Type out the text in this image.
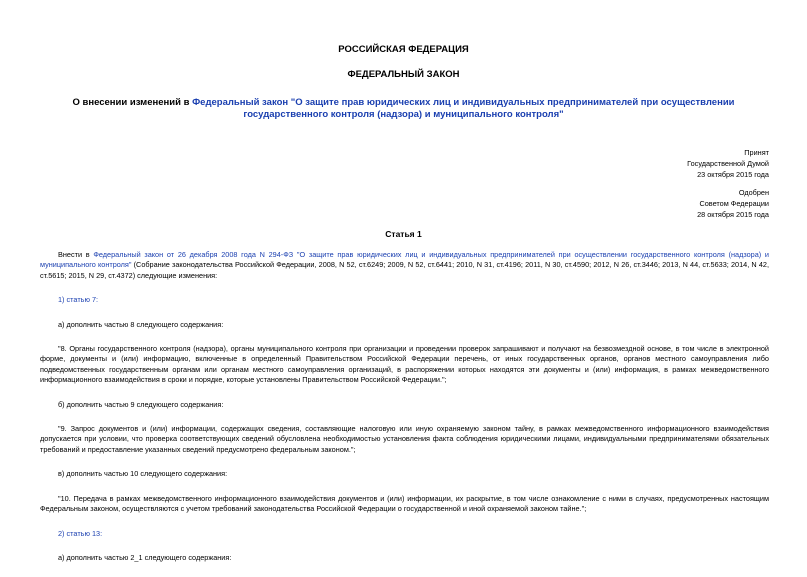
РОССИЙСКАЯ ФЕДЕРАЦИЯ
ФЕДЕРАЛЬНЫЙ ЗАКОН
О внесении изменений в Федеральный закон "О защите прав юридических лиц и индивидуальных предпринимателей при осуществлении государственного контроля (надзора) и муниципального контроля"
Принят
Государственной Думой
23 октября 2015 года
Одобрен
Советом Федерации
28 октября 2015 года
Статья 1

Внести в Федеральный закон от 26 декабря 2008 года N 294-ФЗ "О защите прав юридических лиц и индивидуальных предпринимателей при осуществлении государственного контроля (надзора) и муниципального контроля" (Собрание законодательства Российской Федерации, 2008, N 52, ст.6249; 2009, N 52, ст.6441; 2010, N 31, ст.4196; 2011, N 30, ст.4590; 2012, N 26, ст.3446; 2013, N 44, ст.5633; 2014, N 42, ст.5615; 2015, N 29, ст.4372) следующие изменения:

1) статью 7:

а) дополнить частью 8 следующего содержания:

"8. Органы государственного контроля (надзора), органы муниципального контроля при организации и проведении проверок запрашивают и получают на безвозмездной основе, в том числе в электронной форме, документы и (или) информацию, включенные в определенный Правительством Российской Федерации перечень, от иных государственных органов, органов местного самоуправления либо подведомственных государственным органам или органам местного самоуправления организаций, в распоряжении которых находятся эти документы и (или) информация, в рамках межведомственного информационного взаимодействия в сроки и порядке, которые установлены Правительством Российской Федерации.";

б) дополнить частью 9 следующего содержания:

"9. Запрос документов и (или) информации, содержащих сведения, составляющие налоговую или иную охраняемую законом тайну, в рамках межведомственного информационного взаимодействия допускается при условии, что проверка соответствующих сведений обусловлена необходимостью установления факта соблюдения юридическими лицами, индивидуальными предпринимателями обязательных требований и предоставление указанных сведений предусмотрено федеральным законом.";

в) дополнить частью 10 следующего содержания:

"10. Передача в рамках межведомственного информационного взаимодействия документов и (или) информации, их раскрытие, в том числе ознакомление с ними в случаях, предусмотренных настоящим Федеральным законом, осуществляются с учетом требований законодательства Российской Федерации о государственной и иной охраняемой законом тайне.";

2) статью 13:

а) дополнить частью 2_1 следующего содержания:
